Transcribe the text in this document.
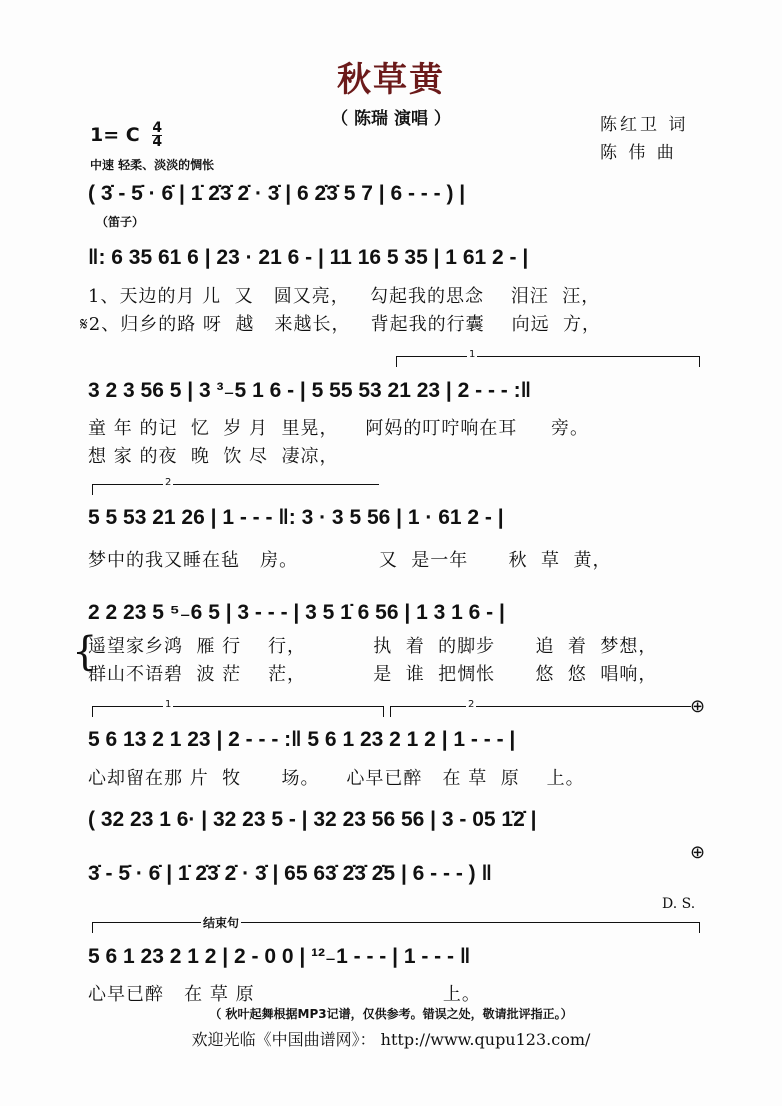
秋草黄
（ 陈瑞 演唱 ）	陈红卫 词
陈 伟 曲
1= C $\frac{4}{4}$
中速 轻柔、淡淡的惆怅
( 3̇ - 5̇ · 6̇ | 1̇ 2̇3̇ 2̇ · 3̇ | 6 2̇3̇ 5 7 | 6 - - - ) |
（笛子）
‖: 6 35 61 6 | 23 · 21 6 - | 11 16 5 35 | 1 61 2 - |
1、天边的月 儿  又   圆又亮，   勾起我的思念    泪汪  汪，
𝄋2、归乡的路 呀  越   来越长，   背起我的行囊    向远  方，
1
3 2 3 56 5 | 3 ³₋5 1 6 - | 5 55 53 21 23 | 2 - - - :‖
童 年 的记  忆  岁 月  里晃，    阿妈的叮咛响在耳     旁。
想 家 的夜  晚  饮 尽  凄凉，
2
5 5 53 21 26 | 1 - - - ‖: 3 · 3 5 56 | 1 · 61 2 - |
梦中的我又睡在毡   房。            又  是一年      秋  草  黄，
2 2 23 5 ⁵₋6 5 | 3 - - - | 3 5 1̇ 6 56 | 1 3 1 6 - |
{
遥望家乡鸿  雁 行    行，          执  着  的脚步      追  着  梦想，
群山不语碧  波 茫    茫，          是  谁  把惆怅      悠  悠  唱响，
1	2	⊕
5 6 13 2 1 23 | 2 - - - :‖ 5 6 1 23 2 1 2 | 1 - - - |
心却留在那 片  牧      场。    心早已醉   在 草  原    上。
( 32 23 1 6· | 32 23 5 - | 32 23 56 56 | 3 - 05 1̇2̇ |
⊕
3̇ - 5̇ · 6̇ | 1̇ 2̇3̇ 2̇ · 3̇ | 65 63̇ 2̇3̇ 2̇5 | 6 - - - ) ‖
D. S.
结束句
5 6 1 23 2 1 2 | 2 - 0 0 | ¹²₋1 - - - | 1 - - - ‖
心早已醉   在 草 原                            上。
（ 秋叶起舞根据MP3记谱，仅供参考。错误之处，敬请批评指正。）
欢迎光临《中国曲谱网》： http://www.qupu123.com/
